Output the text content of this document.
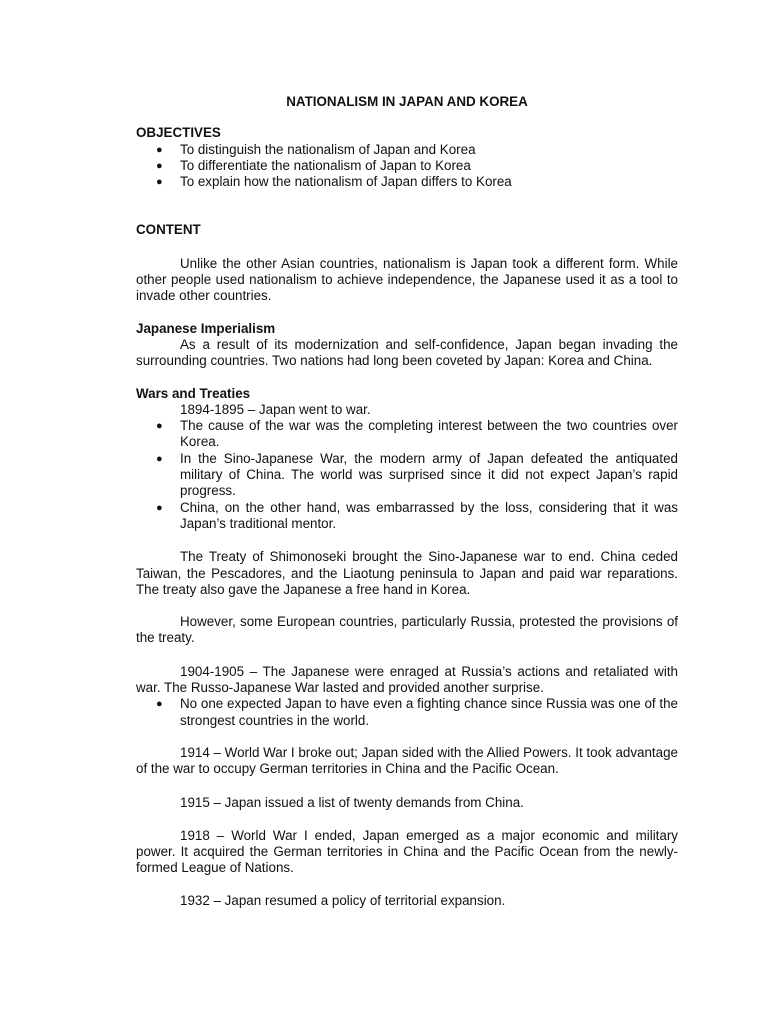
NATIONALISM IN JAPAN AND KOREA
OBJECTIVES
● To distinguish the nationalism of Japan and Korea
● To differentiate the nationalism of Japan to Korea
● To explain how the nationalism of Japan differs to Korea
CONTENT

Unlike the other Asian countries, nationalism is Japan took a different form. While other people used nationalism to achieve independence, the Japanese used it as a tool to invade other countries.

Japanese Imperialism

As a result of its modernization and self-confidence, Japan began invading the surrounding countries. Two nations had long been coveted by Japan: Korea and China.

Wars and Treaties

1894-1895 – Japan went to war.

● The cause of the war was the completing interest between the two countries over Korea.
● In the Sino-Japanese War, the modern army of Japan defeated the antiquated military of China. The world was surprised since it did not expect Japan’s rapid progress.
● China, on the other hand, was embarrassed by the loss, considering that it was Japan’s traditional mentor.

The Treaty of Shimonoseki brought the Sino-Japanese war to end. China ceded Taiwan, the Pescadores, and the Liaotung peninsula to Japan and paid war reparations. The treaty also gave the Japanese a free hand in Korea.

However, some European countries, particularly Russia, protested the provisions of the treaty.

1904-1905 – The Japanese were enraged at Russia’s actions and retaliated with war. The Russo-Japanese War lasted and provided another surprise.

● No one expected Japan to have even a fighting chance since Russia was one of the strongest countries in the world.

1914 – World War I broke out; Japan sided with the Allied Powers. It took advantage of the war to occupy German territories in China and the Pacific Ocean.

1915 – Japan issued a list of twenty demands from China.

1918 – World War I ended, Japan emerged as a major economic and military power. It acquired the German territories in China and the Pacific Ocean from the newly-formed League of Nations.

1932 – Japan resumed a policy of territorial expansion.
